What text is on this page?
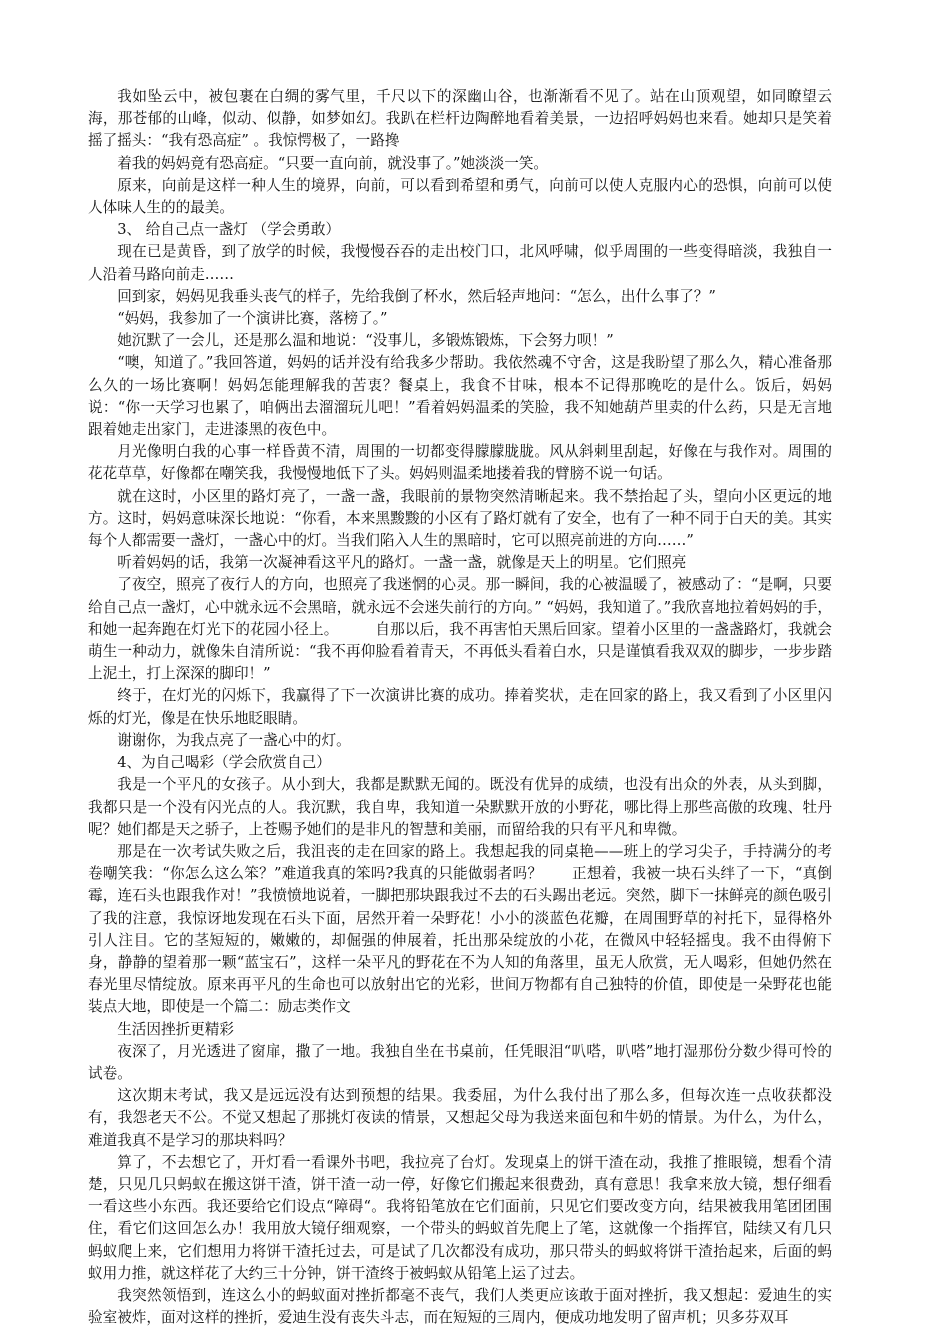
我如坠云中，被包裹在白绸的雾气里，千尺以下的深幽山谷，也渐渐看不见了。站在山顶观望，如同瞭望云海，那苍郁的山峰，似动、似静，如梦如幻。我趴在栏杆边陶醉地看着美景，一边招呼妈妈也来看。她却只是笑着摇了摇头：“我有恐高症” 。我惊愕极了，一路搀

着我的妈妈竟有恐高症。“只要一直向前，就没事了。”她淡淡一笑。

原来，向前是这样一种人生的境界，向前，可以看到希望和勇气，向前可以使人克服内心的恐惧，向前可以使人体味人生的的最美。

3、 给自己点一盏灯 （学会勇敢）

现在已是黄昏，到了放学的时候，我慢慢吞吞的走出校门口，北风呼啸，似乎周围的一些变得暗淡，我独自一人沿着马路向前走……

回到家，妈妈见我垂头丧气的样子，先给我倒了杯水，然后轻声地问：“怎么，出什么事了？”

“妈妈，我参加了一个演讲比赛，落榜了。”

她沉默了一会儿，还是那么温和地说：“没事儿，多锻炼锻炼，下会努力呗！”

“噢，知道了。”我回答道，妈妈的话并没有给我多少帮助。我依然魂不守舍，这是我盼望了那么久，精心准备那么久的一场比赛啊！妈妈怎能理解我的苦衷？餐桌上，我食不甘味，根本不记得那晚吃的是什么。饭后，妈妈说：“你一天学习也累了，咱俩出去溜溜玩儿吧！”看着妈妈温柔的笑脸，我不知她葫芦里卖的什么药，只是无言地跟着她走出家门，走进漆黑的夜色中。

月光像明白我的心事一样昏黄不清，周围的一切都变得朦朦胧胧。风从斜刺里刮起，好像在与我作对。周围的花花草草，好像都在嘲笑我，我慢慢地低下了头。妈妈则温柔地搂着我的臂膀不说一句话。

就在这时，小区里的路灯亮了，一盏一盏，我眼前的景物突然清晰起来。我不禁抬起了头，望向小区更远的地方。这时，妈妈意味深长地说：“你看，本来黑黢黢的小区有了路灯就有了安全，也有了一种不同于白天的美。其实每个人都需要一盏灯，一盏心中的灯。当我们陷入人生的黑暗时，它可以照亮前进的方向……”

听着妈妈的话，我第一次凝神看这平凡的路灯。一盏一盏，就像是天上的明星。它们照亮

了夜空，照亮了夜行人的方向，也照亮了我迷惘的心灵。那一瞬间，我的心被温暖了，被感动了：“是啊，只要给自己点一盏灯，心中就永远不会黑暗，就永远不会迷失前行的方向。” “妈妈，我知道了。”我欣喜地拉着妈妈的手，和她一起奔跑在灯光下的花园小径上。　　　自那以后，我不再害怕天黑后回家。望着小区里的一盏盏路灯，我就会萌生一种动力，就像朱自清所说：“我不再仰脸看着青天，不再低头看着白水，只是谨慎看我双双的脚步，一步步踏上泥土，打上深深的脚印！”

终于，在灯光的闪烁下，我赢得了下一次演讲比赛的成功。捧着奖状，走在回家的路上，我又看到了小区里闪烁的灯光，像是在快乐地眨眼睛。

谢谢你，为我点亮了一盏心中的灯。

4、为自己喝彩（学会欣赏自己）

我是一个平凡的女孩子。从小到大，我都是默默无闻的。既没有优异的成绩，也没有出众的外表，从头到脚，我都只是一个没有闪光点的人。我沉默，我自卑，我知道一朵默默开放的小野花，哪比得上那些高傲的玫瑰、牡丹呢？她们都是天之骄子，上苍赐予她们的是非凡的智慧和美丽，而留给我的只有平凡和卑微。

那是在一次考试失败之后，我沮丧的走在回家的路上。我想起我的同桌艳——班上的学习尖子，手持满分的考卷嘲笑我：“你怎么这么笨？”难道我真的笨吗?我真的只能做弱者吗？　　正想着，我被一块石头绊了一下，“真倒霉，连石头也跟我作对！”我愤愤地说着，一脚把那块跟我过不去的石头踢出老远。突然，脚下一抹鲜亮的颜色吸引了我的注意，我惊讶地发现在石头下面，居然开着一朵野花！小小的淡蓝色花瓣，在周围野草的衬托下，显得格外引人注目。它的茎短短的，嫩嫩的，却倔强的伸展着，托出那朵绽放的小花，在微风中轻轻摇曳。我不由得俯下身，静静的望着那一颗“蓝宝石”，这样一朵平凡的野花在不为人知的角落里，虽无人欣赏，无人喝彩，但她仍然在春光里尽情绽放。原来再平凡的生命也可以放射出它的光彩，世间万物都有自己独特的价值，即使是一朵野花也能装点大地，即使是一个篇二：励志类作文

生活因挫折更精彩

夜深了，月光透进了窗扉，撒了一地。我独自坐在书桌前，任凭眼泪“叭嗒，叭嗒”地打湿那份分数少得可怜的试卷。

这次期末考试，我又是远远没有达到预想的结果。我委屈，为什么我付出了那么多，但每次连一点收获都没有，我怨老天不公。不觉又想起了那挑灯夜读的情景，又想起父母为我送来面包和牛奶的情景。为什么，为什么，难道我真不是学习的那块料吗？

算了，不去想它了，开灯看一看课外书吧，我拉亮了台灯。发现桌上的饼干渣在动，我推了推眼镜，想看个清楚，只见几只蚂蚁在搬这饼干渣，饼干渣一动一停，好像它们搬起来很费劲，真有意思！我拿来放大镜，想仔细看一看这些小东西。我还要给它们设点“障碍“。我将铅笔放在它们面前，只见它们要改变方向，结果被我用笔团团围住，看它们这回怎么办！我用放大镜仔细观察，一个带头的蚂蚁首先爬上了笔，这就像一个指挥官，陆续又有几只蚂蚁爬上来，它们想用力将饼干渣托过去，可是试了几次都没有成功，那只带头的蚂蚁将饼干渣抬起来，后面的蚂蚁用力推，就这样花了大约三十分钟，饼干渣终于被蚂蚁从铅笔上运了过去。

我突然领悟到，连这么小的蚂蚁面对挫折都毫不丧气，我们人类更应该敢于面对挫折，我又想起：爱迪生的实验室被炸，面对这样的挫折，爱迪生没有丧失斗志，而在短短的三周内，便成功地发明了留声机；贝多芬双耳
